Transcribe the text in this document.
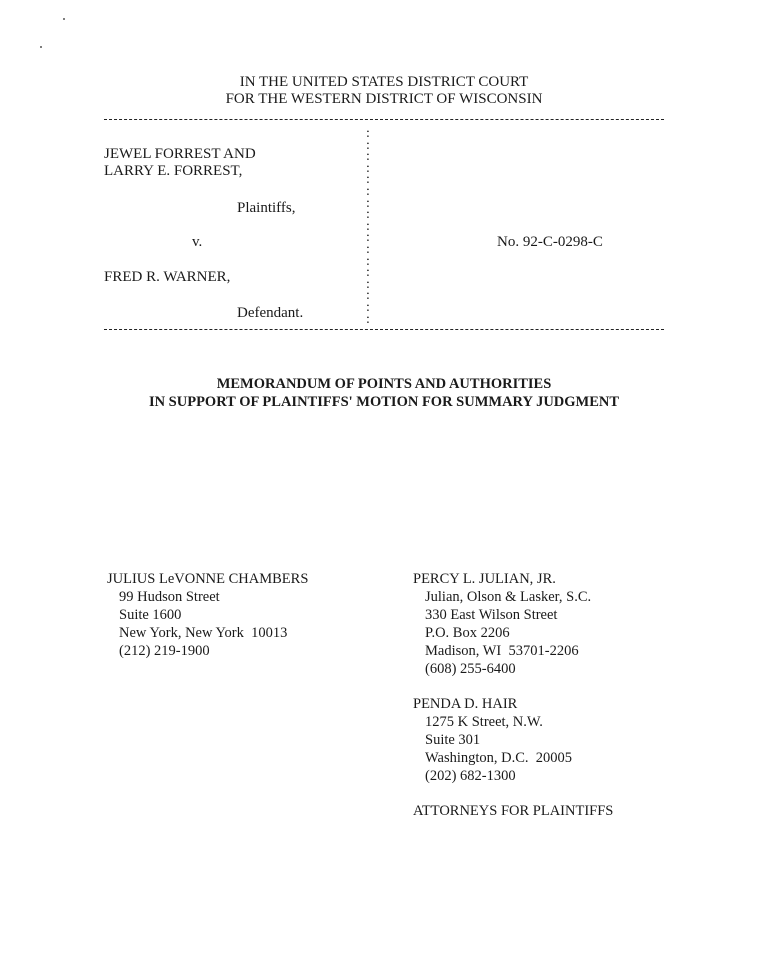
IN THE UNITED STATES DISTRICT COURT
FOR THE WESTERN DISTRICT OF WISCONSIN
JEWEL FORREST AND
LARRY E. FORREST,
Plaintiffs,
v.
FRED R. WARNER,
Defendant.
:
:
:
:
:
:
:
:
:
:
:
:
:
:
:
:
:
No. 92-C-0298-C
MEMORANDUM OF POINTS AND AUTHORITIES
IN SUPPORT OF PLAINTIFFS' MOTION FOR SUMMARY JUDGMENT
JULIUS LeVONNE CHAMBERS
99 Hudson Street
Suite 1600
New York, New York  10013
(212) 219-1900
PERCY L. JULIAN, JR.
Julian, Olson & Lasker, S.C.
330 East Wilson Street
P.O. Box 2206
Madison, WI  53701-2206
(608) 255-6400
PENDA D. HAIR
1275 K Street, N.W.
Suite 301
Washington, D.C.  20005
(202) 682-1300
ATTORNEYS FOR PLAINTIFFS
